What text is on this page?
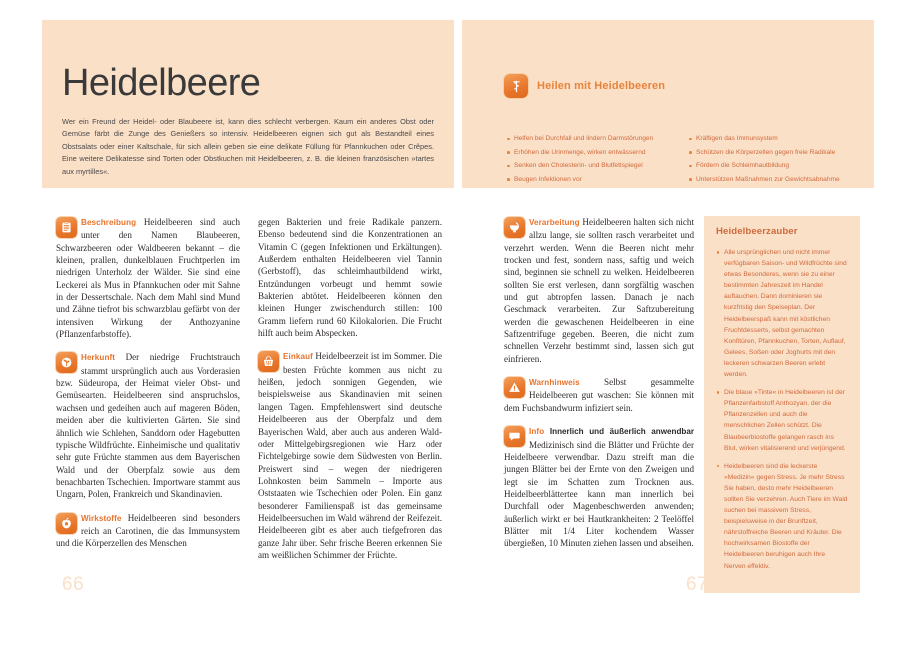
Heidelbeere
Wer ein Freund der Heidel- oder Blaubeere ist, kann dies schlecht verbergen. Kaum ein anderes Obst oder Gemüse färbt die Zunge des Genießers so intensiv. Heidelbeeren eignen sich gut als Bestandteil eines Obstsalats oder einer Kaltschale, für sich allein geben sie eine delikate Füllung für Pfannkuchen oder Crêpes. Eine weitere Delikatesse sind Torten oder Obstkuchen mit Heidelbeeren, z. B. die kleinen französischen »tartes aux myrtilles«.

Beschreibung Heidelbeeren sind auch unter den Namen Blaubeeren, Schwarzbeeren oder Waldbeeren bekannt – die kleinen, prallen, dunkelblauen Fruchtperlen im niedrigen Unterholz der Wälder. Sie sind eine Leckerei als Mus in Pfannkuchen oder mit Sahne in der Dessertschale. Nach dem Mahl sind Mund und Zähne tiefrot bis schwarzblau gefärbt von der intensiven Wirkung der Anthozyanine (Pflanzenfarbstoffe).

Herkunft Der niedrige Fruchtstrauch stammt ursprünglich auch aus Vorderasien bzw. Südeuropa, der Heimat vieler Obst- und Gemüsearten. Heidelbeeren sind anspruchslos, wachsen und gedeihen auch auf mageren Böden, meiden aber die kultivierten Gärten. Sie sind ähnlich wie Schlehen, Sanddorn oder Hagebutten typische Wildfrüchte. Einheimische und qualitativ sehr gute Früchte stammen aus dem Bayerischen Wald und der Oberpfalz sowie aus dem benachbarten Tschechien. Importware stammt aus Ungarn, Polen, Frankreich und Skandinavien.

Wirkstoffe Heidelbeeren sind besonders reich an Carotinen, die das Immunsystem und die Körperzellen des Menschen

gegen Bakterien und freie Radikale panzern. Ebenso bedeutend sind die Konzentrationen an Vitamin C (gegen Infektionen und Erkältungen). Außerdem enthalten Heidelbeeren viel Tannin (Gerbstoff), das schleimhautbildend wirkt, Entzündungen vorbeugt und hemmt sowie Bakterien abtötet. Heidelbeeren können den kleinen Hunger zwischendurch stillen: 100 Gramm liefern rund 60 Kilokalorien. Die Frucht hilft auch beim Abspecken.

Einkauf Heidelbeerzeit ist im Sommer. Die besten Früchte kommen aus nicht zu heißen, jedoch sonnigen Gegenden, wie beispielsweise aus Skandinavien mit seinen langen Tagen. Empfehlenswert sind deutsche Heidelbeeren aus der Oberpfalz und dem Bayerischen Wald, aber auch aus anderen Wald- oder Mittelgebirgsregionen wie Harz oder Fichtelgebirge sowie dem Südwesten von Berlin. Preiswert sind – wegen der niedrigeren Lohnkosten beim Sammeln – Importe aus Oststaaten wie Tschechien oder Polen. Ein ganz besonderer Familienspaß ist das gemeinsame Heidelbeersuchen im Wald während der Reifezeit. Heidelbeeren gibt es aber auch tiefgefroren das ganze Jahr über. Sehr frische Beeren erkennen Sie am weißlichen Schimmer der Früchte.

66
Heilen mit Heidelbeeren
Helfen bei Durchfall und lindern Darmstörungen
Erhöhen die Urinmenge, wirken entwässernd
Senken den Cholesterin- und Blutfettspiegel
Beugen Infektionen vor
Kräftigen das Immunsystem
Schützen die Körperzellen gegen freie Radikale
Fördern die Schleimhautbildung
Unterstützen Maßnahmen zur Gewichtsabnahme

Verarbeitung Heidelbeeren halten sich nicht allzu lange, sie sollten rasch verarbeitet und verzehrt werden. Wenn die Beeren nicht mehr trocken und fest, sondern nass, saftig und weich sind, beginnen sie schnell zu welken. Heidelbeeren sollten Sie erst verlesen, dann sorgfältig waschen und gut abtropfen lassen. Danach je nach Geschmack verarbeiten. Zur Saftzubereitung werden die gewaschenen Heidelbeeren in eine Saftzentrifuge gegeben. Beeren, die nicht zum schnellen Verzehr bestimmt sind, lassen sich gut einfrieren.

Warnhinweis	Selbst gesammelte Heidelbeeren gut waschen: Sie können mit dem Fuchsbandwurm infiziert sein.

Info Innerlich und äußerlich anwendbar Medizinisch sind die Blätter und Früchte der Heidelbeere verwendbar. Dazu streift man die jungen Blätter bei der Ernte von den Zweigen und legt sie im Schatten zum Trocknen aus. Heidelbeerblättertee kann man innerlich bei Durchfall oder Magenbeschwerden anwenden; äußerlich wirkt er bei Hautkrankheiten: 2 Teelöffel Blätter mit 1/4 Liter kochendem Wasser übergießen, 10 Minuten ziehen lassen und abseihen.

Heidelbeerzauber
Alle ursprünglichen und nicht immer verfügbaren Saison- und Wildfrüchte sind etwas Besonderes, wenn sie zu einer bestimmten Jahreszeit im Handel auftauchen. Dann dominieren sie kurzfristig den Speiseplan. Der Heidelbeerspaß kann mit köstlichen Fruchtdesserts, selbst gemachten Konfitüren, Pfannkuchen, Torten, Auflauf, Gelees, Soßen oder Joghurts mit den leckeren schwarzen Beeren erlebt werden.
Die blaue »Tinte« in Heidelbeeren ist der Pflanzenfarbstoff Anthozyan, der die Pflanzenzellen und auch die menschlichen Zellen schützt. Die Blaubeerbiostoffe gelangen rasch ins Blut, wirken vitalisierend und verjüngend.
Heidelbeeren sind die leckerste »Medizin« gegen Stress. Je mehr Stress Sie haben, desto mehr Heidelbeeren sollten Sie verzehren. Auch Tiere im Wald suchen bei massivem Stress, beispielsweise in der Brunftzeit, nährstoffreiche Beeren und Kräuter. Die hochwirksamen Biostoffe der Heidelbeeren beruhigen auch Ihre Nerven effektiv.
67
